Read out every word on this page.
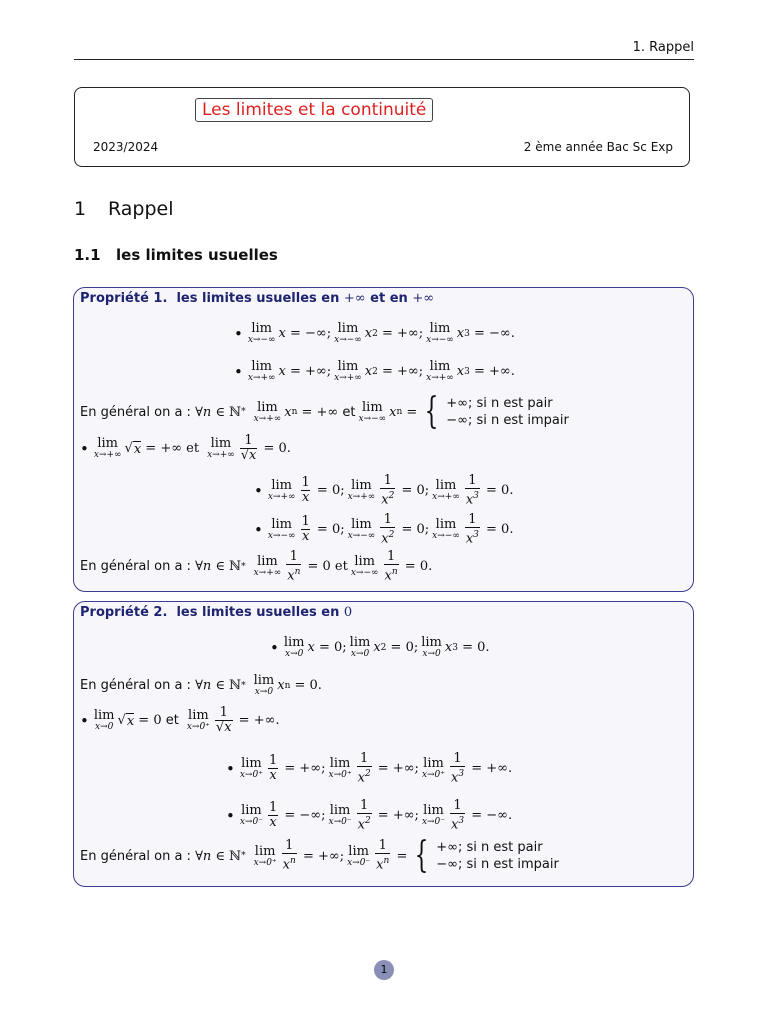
1. Rappel
Les limites et la continuité
2023/2024	2 ème année Bac Sc Exp
1 Rappel
1.1 les limites usuelles
Propriété 1. les limites usuelles en +∞ et en +∞
• lim
x→−∞ x = −∞; lim
x→−∞ x 2 = +∞; lim
x→−∞ x 3 = −∞.
• lim
x→+∞ x = +∞; lim
x→+∞ x 2 = +∞; lim
x→+∞ x 3 = +∞.
En général on a : ∀ n ∈ ℕ * lim
x→+∞ x n = +∞ et lim
x→−∞ x n = { +∞; si n est pair
−∞; si n est impair
• lim
x→+∞ √ x = +∞ et lim
$x\to+\infty \frac{1}{√x} = 0$.
• lim
$x\to+\infty \frac{1}{x} = 0$; lim
$x\to+\infty \frac{1}{x^2} = 0$; lim
$x\to+\infty \frac{1}{x^3} = 0$.
• lim
$x\to-\infty \frac{1}{x} = 0$; lim
$x\to-\infty \frac{1}{x^2} = 0$; lim
$x\to-\infty \frac{1}{x^3} = 0$.
En général on a : ∀ n ∈ ℕ * lim
$x\to+\infty \frac{1}{x^n} = 0$ et lim
$x\to-\infty \frac{1}{x^n} = 0$.
Propriété 2. les limites usuelles en 0
• lim
x→0 x = 0; lim
x→0 x 2 = 0; lim
x→0 x 3 = 0.
En général on a : ∀ n ∈ ℕ * lim
x→0 x n = 0.
• lim
x→0 √ x = 0 et lim
$x\to 0^+ \frac{1}{√x}$ = +∞.
• lim
$x\to 0^+ \frac{1}{x}$ = +∞; lim
$x\to 0^+ \frac{1}{x^2}$ = +∞; lim
$x\to 0^+ \frac{1}{x^3}$ = +∞.
• lim
$x\to 0^- \frac{1}{x}$ = −∞; lim
$x\to 0^- \frac{1}{x^2}$ = +∞; lim
$x\to 0^- \frac{1}{x^3}$ = −∞.
En général on a : ∀ n ∈ ℕ * lim
$x\to 0^+ \frac{1}{x^n}$ = +∞; lim
$x\to 0^- \frac{1}{x^n}$ = { +∞; si n est pair
−∞; si n est impair
1
